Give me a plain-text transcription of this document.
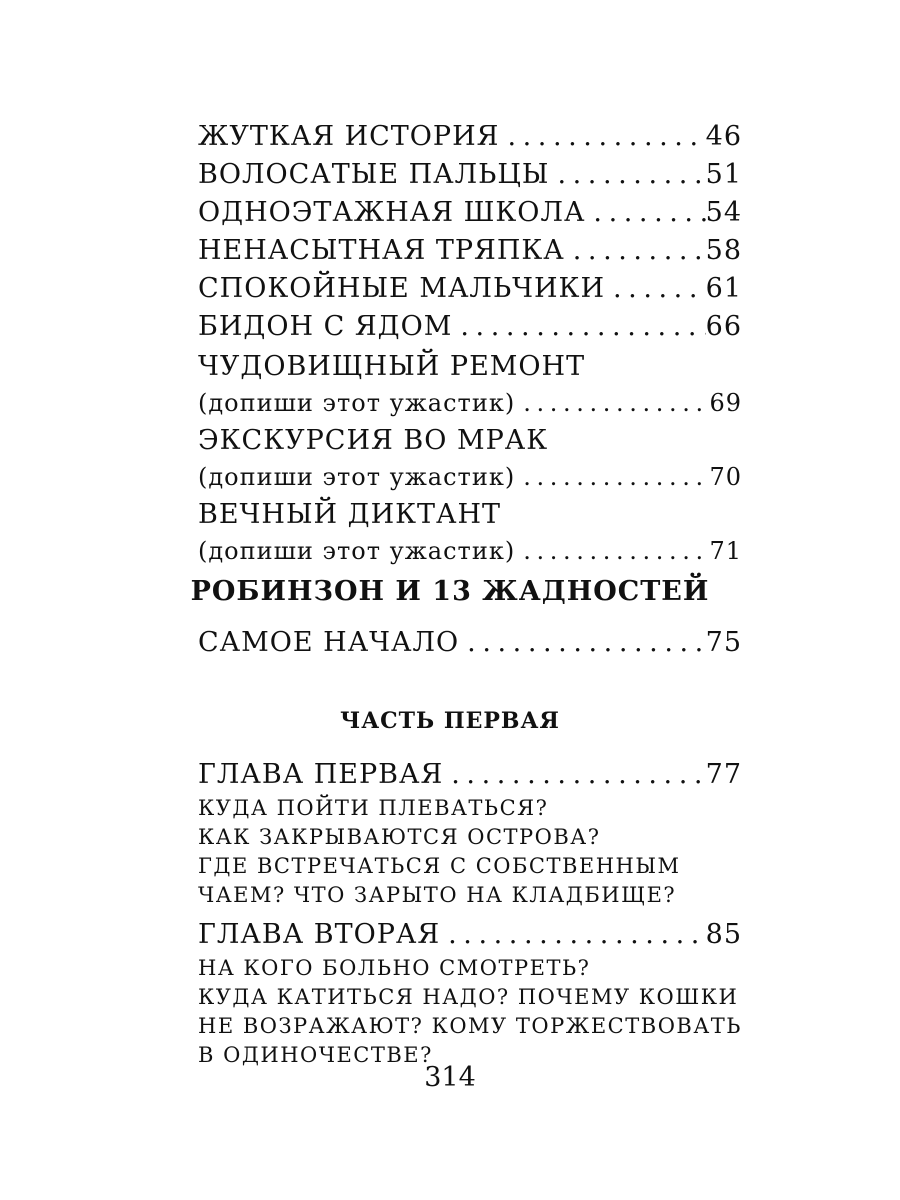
ЖУТКАЯ ИСТОРИЯ . . .	46
ВОЛОСАТЫЕ ПАЛЬЦЫ . . .	51
ОДНОЭТАЖНАЯ ШКОЛА . . .	54
НЕНАСЫТНАЯ ТРЯПКА . . .	58
СПОКОЙНЫЕ МАЛЬЧИКИ . . .	61
БИДОН С ЯДОМ . . .	66
ЧУДОВИЩНЫЙ РЕМОНТ
(допиши этот ужастик) . . .	69
ЭКСКУРСИЯ ВО МРАК
(допиши этот ужастик) . . .	70
ВЕЧНЫЙ ДИКТАНТ
(допиши этот ужастик) . . .	71
РОБИНЗОН И 13 ЖАДНОСТЕЙ
САМОЕ НАЧАЛО . . .	75
ЧАСТЬ ПЕРВАЯ
ГЛАВА ПЕРВАЯ . . .	77
КУДА ПОЙТИ ПЛЕВАТЬСЯ?
КАК ЗАКРЫВАЮТСЯ ОСТРОВА?
ГДЕ ВСТРЕЧАТЬСЯ С СОБСТВЕННЫМ
ЧАЕМ? ЧТО ЗАРЫТО НА КЛАДБИЩЕ?
ГЛАВА ВТОРАЯ . . .	85
НА КОГО БОЛЬНО СМОТРЕТЬ?
КУДА КАТИТЬСЯ НАДО? ПОЧЕМУ КОШКИ
НЕ ВОЗРАЖАЮТ? КОМУ ТОРЖЕСТВОВАТЬ
В ОДИНОЧЕСТВЕ?
314
